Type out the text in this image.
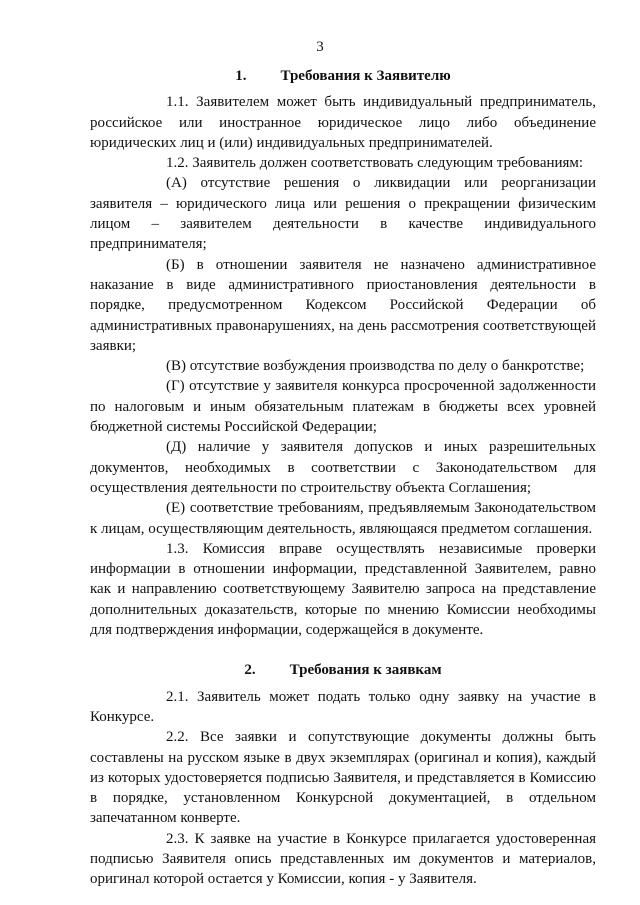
3
1. Требования к Заявителю

1.1. Заявителем может быть индивидуальный предприниматель, российское или иностранное юридическое лицо либо объединение юридических лиц и (или) индивидуальных предпринимателей.

1.2. Заявитель должен соответствовать следующим требованиям:

(А) отсутствие решения о ликвидации или реорганизации заявителя – юридического лица или решения о прекращении физическим лицом – заявителем деятельности в качестве индивидуального предпринимателя;

(Б) в отношении заявителя не назначено административное наказание в виде административного приостановления деятельности в порядке, предусмотренном Кодексом Российской Федерации об административных правонарушениях, на день рассмотрения соответствующей заявки;

(В) отсутствие возбуждения производства по делу о банкротстве;

(Г) отсутствие у заявителя конкурса просроченной задолженности по налоговым и иным обязательным платежам в бюджеты всех уровней бюджетной системы Российской Федерации;

(Д) наличие у заявителя допусков и иных разрешительных документов, необходимых в соответствии с Законодательством для осуществления деятельности по строительству объекта Соглашения;

(Е) соответствие требованиям, предъявляемым Законодательством к лицам, осуществляющим деятельность, являющаяся предметом соглашения.

1.3. Комиссия вправе осуществлять независимые проверки информации в отношении информации, представленной Заявителем, равно как и направлению соответствующему Заявителю запроса на представление дополнительных доказательств, которые по мнению Комиссии необходимы для подтверждения информации, содержащейся в документе.

2. Требования к заявкам

2.1. Заявитель может подать только одну заявку на участие в Конкурсе.

2.2. Все заявки и сопутствующие документы должны быть составлены на русском языке в двух экземплярах (оригинал и копия), каждый из которых удостоверяется подписью Заявителя, и представляется в Комиссию в порядке, установленном Конкурсной документацией, в отдельном запечатанном конверте.

2.3. К заявке на участие в Конкурсе прилагается удостоверенная подписью Заявителя опись представленных им документов и материалов, оригинал которой остается у Комиссии, копия - у Заявителя.
